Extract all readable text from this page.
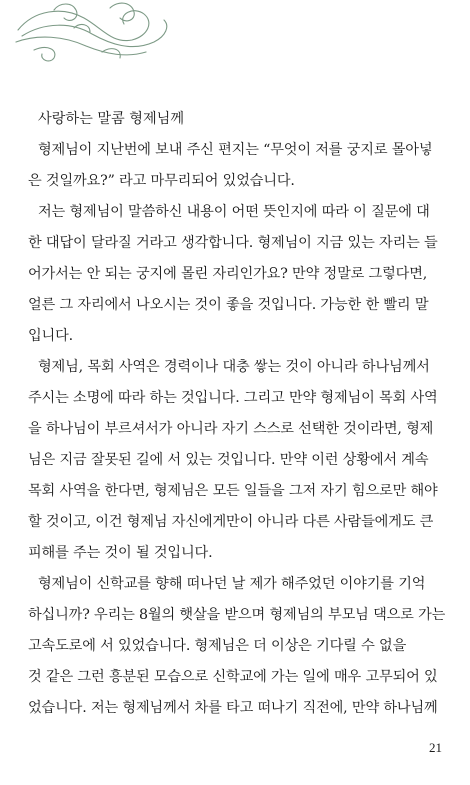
사랑하는 말콤 형제님께
형제님이 지난번에 보내 주신 편지는 “무엇이 저를 궁지로 몰아넣
은 것일까요?” 라고 마무리되어 있었습니다.
저는 형제님이 말씀하신 내용이 어떤 뜻인지에 따라 이 질문에 대
한 대답이 달라질 거라고 생각합니다. 형제님이 지금 있는 자리는 들
어가서는 안 되는 궁지에 몰린 자리인가요? 만약 정말로 그렇다면,
얼른 그 자리에서 나오시는 것이 좋을 것입니다. 가능한 한 빨리 말
입니다.
형제님, 목회 사역은 경력이나 대충 쌓는 것이 아니라 하나님께서
주시는 소명에 따라 하는 것입니다. 그리고 만약 형제님이 목회 사역
을 하나님이 부르셔서가 아니라 자기 스스로 선택한 것이라면, 형제
님은 지금 잘못된 길에 서 있는 것입니다. 만약 이런 상황에서 계속
목회 사역을 한다면, 형제님은 모든 일들을 그저 자기 힘으로만 해야
할 것이고, 이건 형제님 자신에게만이 아니라 다른 사람들에게도 큰
피해를 주는 것이 될 것입니다.
형제님이 신학교를 향해 떠나던 날 제가 해주었던 이야기를 기억
하십니까? 우리는 8월의 햇살을 받으며 형제님의 부모님 댁으로 가는
고속도로에 서 있었습니다. 형제님은 더 이상은 기다릴 수 없을
것 같은 그런 흥분된 모습으로 신학교에 가는 일에 매우 고무되어 있
었습니다. 저는 형제님께서 차를 타고 떠나기 직전에, 만약 하나님께
21
